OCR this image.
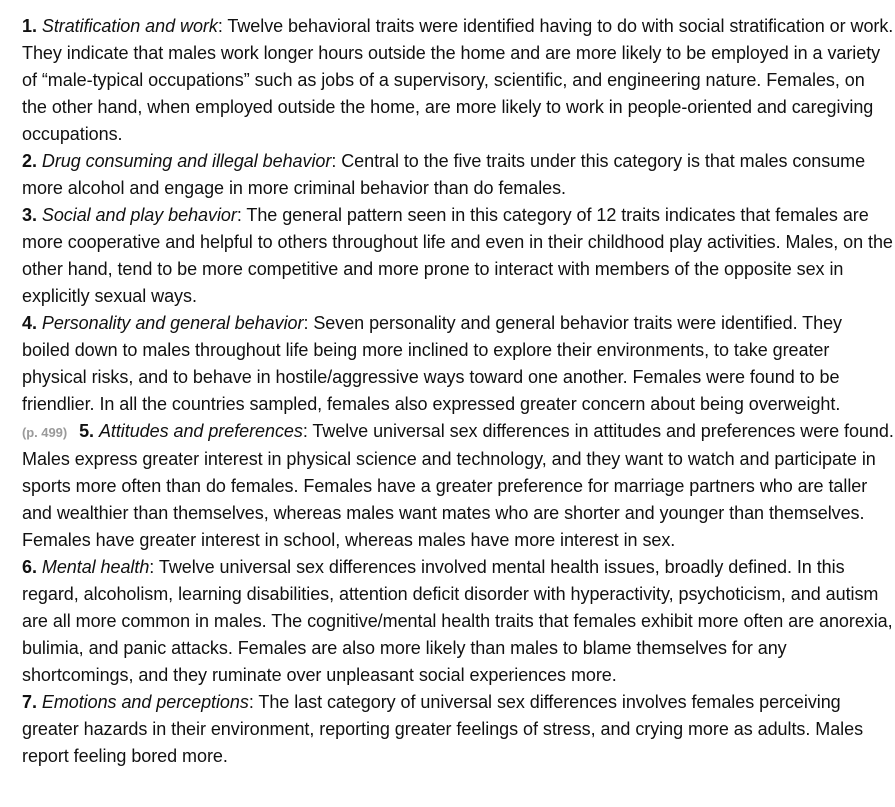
1. Stratification and work: Twelve behavioral traits were identified having to do with social stratification or work. They indicate that males work longer hours outside the home and are more likely to be employed in a variety of “male-typical occupations” such as jobs of a supervisory, scientific, and engineering nature. Females, on the other hand, when employed outside the home, are more likely to work in people-oriented and caregiving occupations.

2. Drug consuming and illegal behavior: Central to the five traits under this category is that males consume more alcohol and engage in more criminal behavior than do females.

3. Social and play behavior: The general pattern seen in this category of 12 traits indicates that females are more cooperative and helpful to others throughout life and even in their childhood play activities. Males, on the other hand, tend to be more competitive and more prone to interact with members of the opposite sex in explicitly sexual ways.

4. Personality and general behavior: Seven personality and general behavior traits were identified. They boiled down to males throughout life being more inclined to explore their environments, to take greater physical risks, and to behave in hostile/aggressive ways toward one another. Females were found to be friendlier. In all the countries sampled, females also expressed greater concern about being overweight.

(p. 499) 5. Attitudes and preferences: Twelve universal sex differences in attitudes and preferences were found. Males express greater interest in physical science and technology, and they want to watch and participate in sports more often than do females. Females have a greater preference for marriage partners who are taller and wealthier than themselves, whereas males want mates who are shorter and younger than themselves. Females have greater interest in school, whereas males have more interest in sex.

6. Mental health: Twelve universal sex differences involved mental health issues, broadly defined. In this regard, alcoholism, learning disabilities, attention deficit disorder with hyperactivity, psychoticism, and autism are all more common in males. The cognitive/mental health traits that females exhibit more often are anorexia, bulimia, and panic attacks. Females are also more likely than males to blame themselves for any shortcomings, and they ruminate over unpleasant social experiences more.

7. Emotions and perceptions: The last category of universal sex differences involves females perceiving greater hazards in their environment, reporting greater feelings of stress, and crying more as adults. Males report feeling bored more.
